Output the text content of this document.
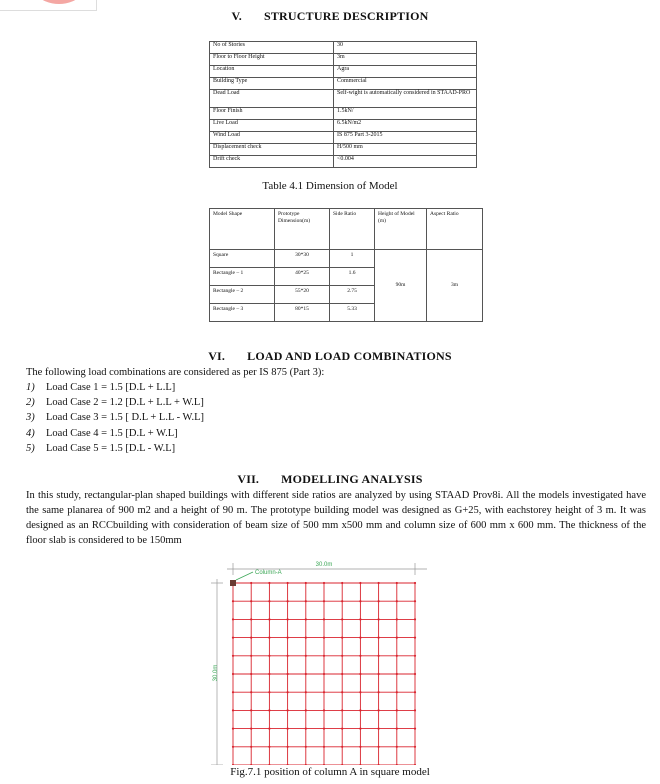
V. STRUCTURE DESCRIPTION
No of Stories	30
Floor to Floor Height	3m
Location	Agra
Building Type	Commercial
Dead Load	Self-wight is automatically considered in STAAD-PRO
Floor Finish	1.5kN/
Live Load	6.5kN/m2
Wind Load	IS 875 Part 3-2015
Displacement check	H/500 mm
Drift check	<0.004
Table 4.1 Dimension of Model
Model Shape	Prototype Dimension(m)	Side Ratio	Height of Model (m)	Aspect Ratio
Square	30*30	1	90m	3m
Rectangle – 1	40*25	1.6		
Rectangle – 2	55*20	2.75		
Rectangle – 3	80*15	5.33		
VI. LOAD AND LOAD COMBINATIONS
The following load combinations are considered as per IS 875 (Part 3):
1) Load Case 1 = 1.5 [D.L + L.L]
2) Load Case 2 = 1.2 [D.L + L.L + W.L]
3) Load Case 3 = 1.5 [ D.L + L.L - W.L]
4) Load Case 4 = 1.5 [D.L + W.L]
5) Load Case 5 = 1.5 [D.L - W.L]
VII. MODELLING ANALYSIS
In this study, rectangular-plan shaped buildings with different side ratios are analyzed by using STAAD Prov8i. All the models investigated have the same planarea of 900 m2 and a height of 90 m. The prototype building model was designed as G+25, with eachstorey height of 3 m. It was designed as an RCCbuilding with consideration of beam size of 500 mm x500 mm and column size of 600 mm x 600 mm. The thickness of the floor slab is considered to be 150mm
30.0m
30.0m
Column-A
Fig.7.1 position of column A in square model
